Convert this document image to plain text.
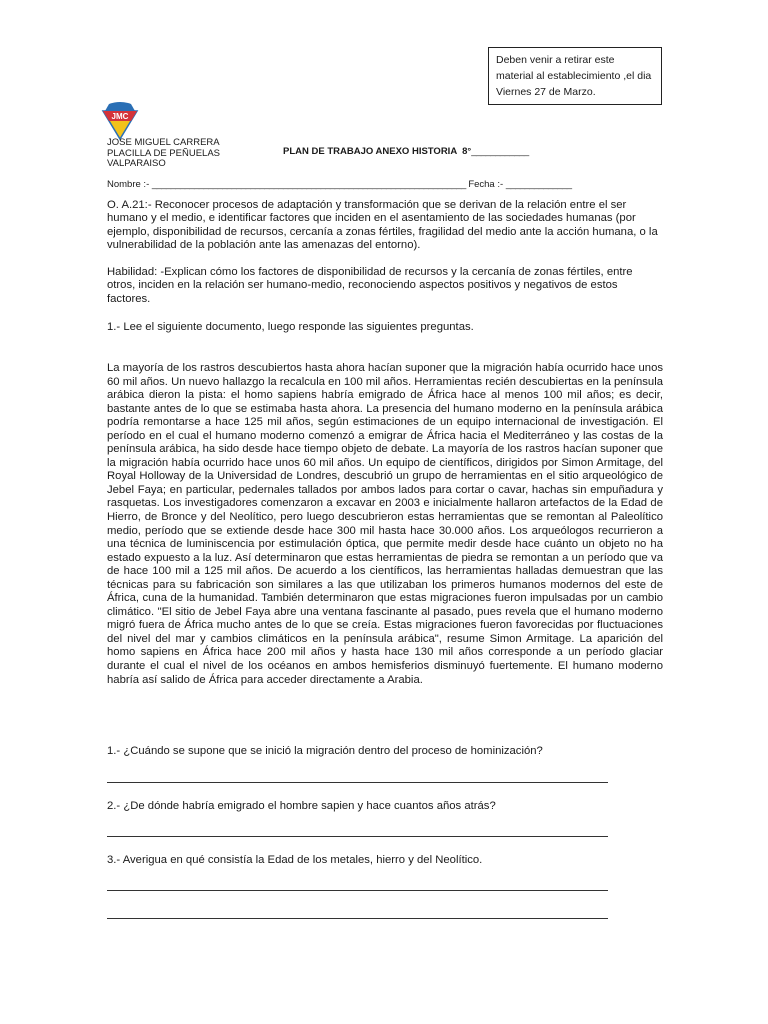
Deben venir a retirar este material al establecimiento ,el dia Viernes 27 de Marzo.
JMC
JOSE MIGUEL CARRERA
PLACILLA DE PEÑUELAS
VALPARAISO
PLAN DE TRABAJO ANEXO HISTORIA  8°____________
Nombre :- ___________________________________________________________________ Fecha :- ______________
O. A.21:- Reconocer procesos de adaptación y transformación que se derivan de la relación entre el ser humano y el medio, e identificar factores que inciden en el asentamiento de las sociedades humanas (por ejemplo, disponibilidad de recursos, cercanía a zonas fértiles, fragilidad del medio ante la acción humana, o la vulnerabilidad de la población ante las amenazas del entorno).
Habilidad: -Explican cómo los factores de disponibilidad de recursos y la cercanía de zonas fértiles, entre otros, inciden en la relación ser humano-medio, reconociendo aspectos positivos y negativos de estos factores.
1.- Lee el siguiente documento, luego responde las siguientes preguntas.
La mayoría de los rastros descubiertos hasta ahora hacían suponer que la migración había ocurrido hace unos 60 mil años. Un nuevo hallazgo la recalcula en 100 mil años. Herramientas recién descubiertas en la península arábica dieron la pista: el homo sapiens habría emigrado de África hace al menos 100 mil años; es decir, bastante antes de lo que se estimaba hasta ahora. La presencia del humano moderno en la península arábica podría remontarse a hace 125 mil años, según estimaciones de un equipo internacional de investigación. El período en el cual el humano moderno comenzó a emigrar de África hacia el Mediterráneo y las costas de la península arábica, ha sido desde hace tiempo objeto de debate. La mayoría de los rastros hacían suponer que la migración había ocurrido hace unos 60 mil años. Un equipo de científicos, dirigidos por Simon Armitage, del Royal Holloway de la Universidad de Londres, descubrió un grupo de herramientas en el sitio arqueológico de Jebel Faya; en particular, pedernales tallados por ambos lados para cortar o cavar, hachas sin empuñadura y rasquetas. Los investigadores comenzaron a excavar en 2003 e inicialmente hallaron artefactos de la Edad de Hierro, de Bronce y del Neolítico, pero luego descubrieron estas herramientas que se remontan al Paleolítico medio, período que se extiende desde hace 300 mil hasta hace 30.000 años. Los arqueólogos recurrieron a una técnica de luminiscencia por estimulación óptica, que permite medir desde hace cuánto un objeto no ha estado expuesto a la luz. Así determinaron que estas herramientas de piedra se remontan a un período que va de hace 100 mil a 125 mil años. De acuerdo a los científicos, las herramientas halladas demuestran que las técnicas para su fabricación son similares a las que utilizaban los primeros humanos modernos del este de África, cuna de la humanidad. También determinaron que estas migraciones fueron impulsadas por un cambio climático. "El sitio de Jebel Faya abre una ventana fascinante al pasado, pues revela que el humano moderno migró fuera de África mucho antes de lo que se creía. Estas migraciones fueron favorecidas por fluctuaciones del nivel del mar y cambios climáticos en la península arábica", resume Simon Armitage. La aparición del homo sapiens en África hace 200 mil años y hasta hace 130 mil años corresponde a un período glaciar durante el cual el nivel de los océanos en ambos hemisferios disminuyó fuertemente. El humano moderno habría así salido de África para acceder directamente a Arabia.
1.- ¿Cuándo se supone que se inició la migración dentro del proceso de hominización?
2.- ¿De dónde habría emigrado el hombre sapien y hace cuantos años atrás?
3.- Averigua en qué consistía la Edad de los metales, hierro y del Neolítico.
